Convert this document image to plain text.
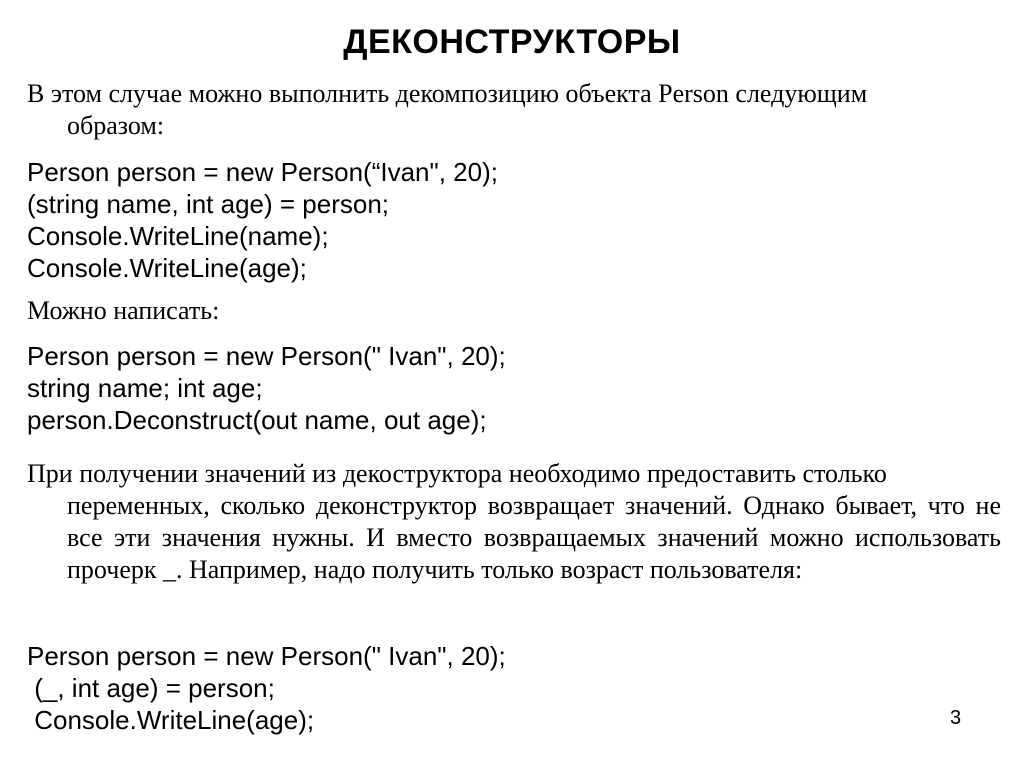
ДЕКОНСТРУКТОРЫ
В этом случае можно выполнить декомпозицию объекта Person следующим
образом:
Person person = new Person(“Ivan", 20);
(string name, int age) = person;
Console.WriteLine(name);
Console.WriteLine(age);
Можно написать:
Person person = new Person(" Ivan", 20);
string name; int age;
person.Deconstruct(out name, out age);
При получении значений из декоструктора необходимо предоставить столько
переменных, сколько деконструктор возвращает значений. Однако бывает, что не все эти значения нужны. И вместо возвращаемых значений можно использовать прочерк _. Например, надо получить только возраст пользователя:
Person person = new Person(" Ivan", 20);
(_, int age) = person;
Console.WriteLine(age);	3
